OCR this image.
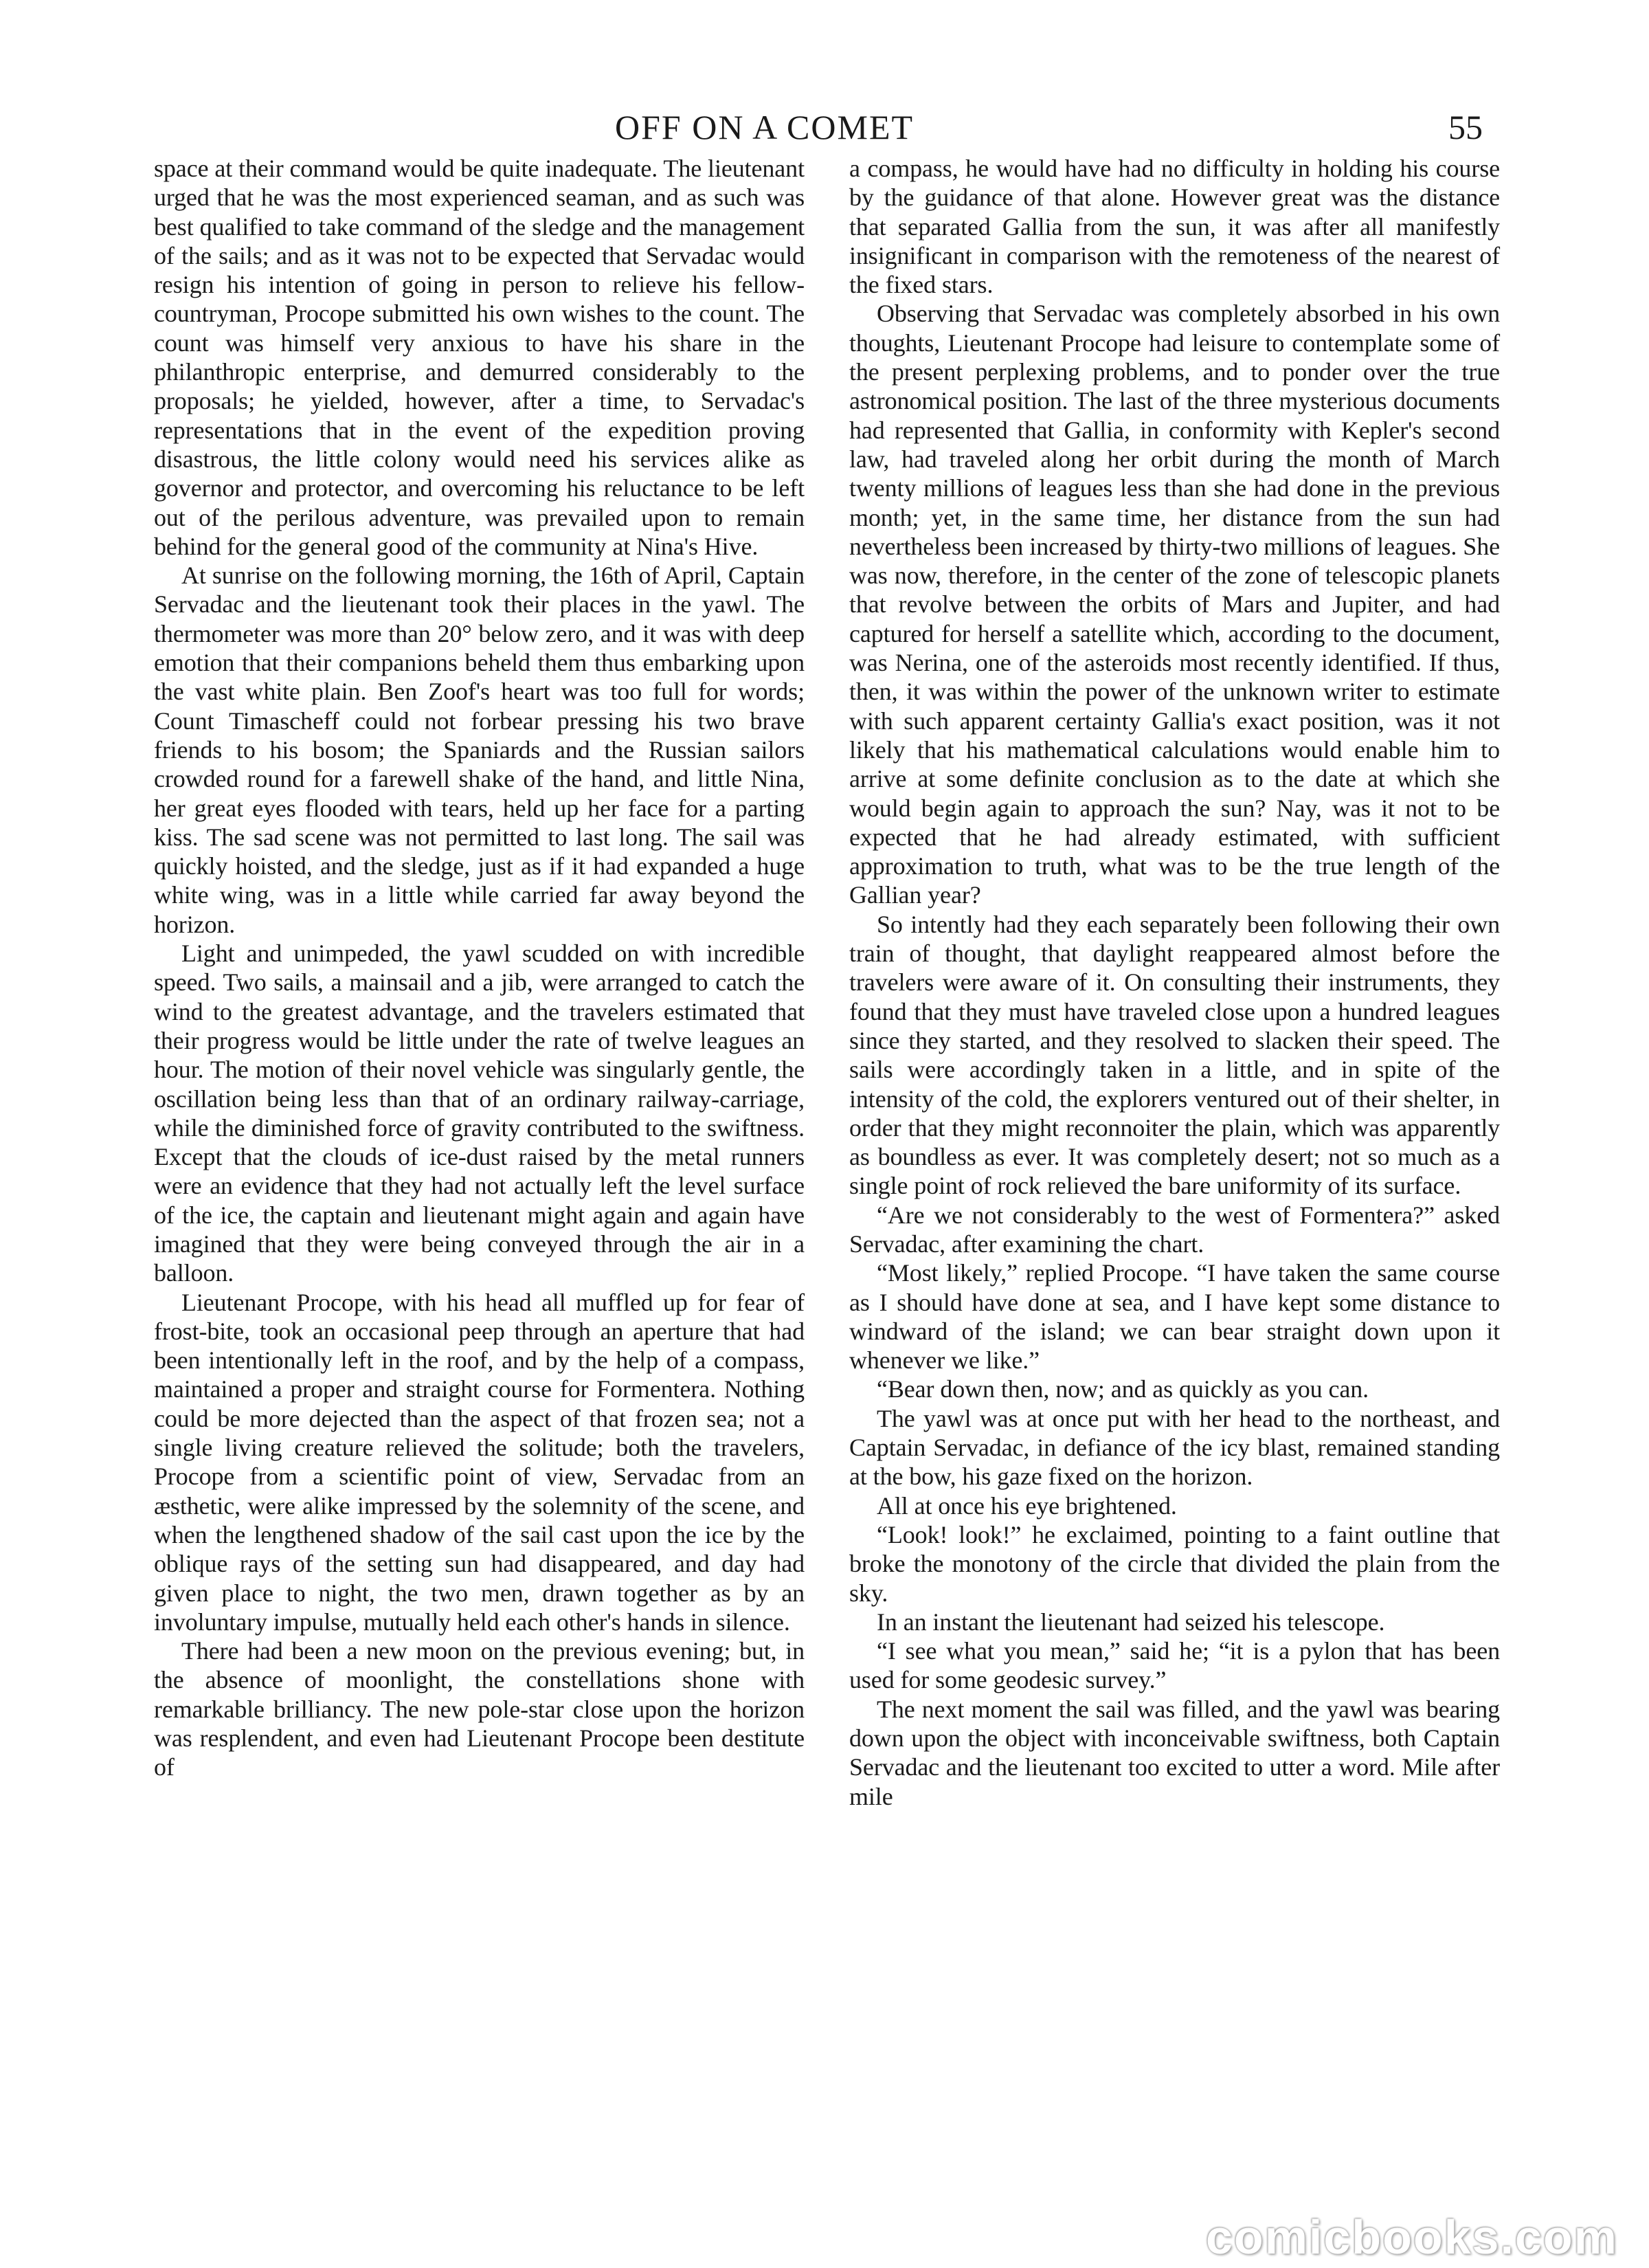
OFF ON A COMET	55

space at their command would be quite inadequate. The lieutenant urged that he was the most experienced seaman, and as such was best qualified to take command of the sledge and the management of the sails; and as it was not to be expected that Servadac would resign his intention of going in person to relieve his fellow-countryman, Procope submitted his own wishes to the count. The count was himself very anxious to have his share in the philanthropic enterprise, and demurred considerably to the proposals; he yielded, however, after a time, to Servadac's representations that in the event of the expedition proving disastrous, the little colony would need his services alike as governor and protector, and overcoming his reluctance to be left out of the perilous adventure, was prevailed upon to remain behind for the general good of the community at Nina's Hive.

At sunrise on the following morning, the 16th of April, Captain Servadac and the lieutenant took their places in the yawl. The thermometer was more than 20° below zero, and it was with deep emotion that their companions beheld them thus embarking upon the vast white plain. Ben Zoof's heart was too full for words; Count Timascheff could not forbear pressing his two brave friends to his bosom; the Spaniards and the Russian sailors crowded round for a farewell shake of the hand, and little Nina, her great eyes flooded with tears, held up her face for a parting kiss. The sad scene was not permitted to last long. The sail was quickly hoisted, and the sledge, just as if it had expanded a huge white wing, was in a little while carried far away beyond the horizon.

Light and unimpeded, the yawl scudded on with incredible speed. Two sails, a mainsail and a jib, were arranged to catch the wind to the greatest advantage, and the travelers estimated that their progress would be little under the rate of twelve leagues an hour. The motion of their novel vehicle was singularly gentle, the oscillation being less than that of an ordinary railway-carriage, while the diminished force of gravity contributed to the swiftness. Except that the clouds of ice-dust raised by the metal runners were an evidence that they had not actually left the level surface of the ice, the captain and lieutenant might again and again have imagined that they were being conveyed through the air in a balloon.

Lieutenant Procope, with his head all muffled up for fear of frost-bite, took an occasional peep through an aperture that had been intentionally left in the roof, and by the help of a compass, maintained a proper and straight course for Formentera. Nothing could be more dejected than the aspect of that frozen sea; not a single living creature relieved the solitude; both the travelers, Procope from a scientific point of view, Servadac from an æsthetic, were alike impressed by the solemnity of the scene, and when the lengthened shadow of the sail cast upon the ice by the oblique rays of the setting sun had disappeared, and day had given place to night, the two men, drawn together as by an involuntary impulse, mutually held each other's hands in silence.

There had been a new moon on the previous evening; but, in the absence of moonlight, the constellations shone with remarkable brilliancy. The new pole-star close upon the horizon was resplendent, and even had Lieutenant Procope been destitute of

a compass, he would have had no difficulty in holding his course by the guidance of that alone. However great was the distance that separated Gallia from the sun, it was after all manifestly insignificant in comparison with the remoteness of the nearest of the fixed stars.

Observing that Servadac was completely absorbed in his own thoughts, Lieutenant Procope had leisure to contemplate some of the present perplexing problems, and to ponder over the true astronomical position. The last of the three mysterious documents had represented that Gallia, in conformity with Kepler's second law, had traveled along her orbit during the month of March twenty millions of leagues less than she had done in the previous month; yet, in the same time, her distance from the sun had nevertheless been increased by thirty-two millions of leagues. She was now, therefore, in the center of the zone of telescopic planets that revolve between the orbits of Mars and Jupiter, and had captured for herself a satellite which, according to the document, was Nerina, one of the asteroids most recently identified. If thus, then, it was within the power of the unknown writer to estimate with such apparent certainty Gallia's exact position, was it not likely that his mathematical calculations would enable him to arrive at some definite conclusion as to the date at which she would begin again to approach the sun? Nay, was it not to be expected that he had already estimated, with sufficient approximation to truth, what was to be the true length of the Gallian year?

So intently had they each separately been following their own train of thought, that daylight reappeared almost before the travelers were aware of it. On consulting their instruments, they found that they must have traveled close upon a hundred leagues since they started, and they resolved to slacken their speed. The sails were accordingly taken in a little, and in spite of the intensity of the cold, the explorers ventured out of their shelter, in order that they might reconnoiter the plain, which was apparently as boundless as ever. It was completely desert; not so much as a single point of rock relieved the bare uniformity of its surface.

“Are we not considerably to the west of Formentera?” asked Servadac, after examining the chart.

“Most likely,” replied Procope. “I have taken the same course as I should have done at sea, and I have kept some distance to windward of the island; we can bear straight down upon it whenever we like.”

“Bear down then, now; and as quickly as you can.

The yawl was at once put with her head to the northeast, and Captain Servadac, in defiance of the icy blast, remained standing at the bow, his gaze fixed on the horizon.

All at once his eye brightened.

“Look! look!” he exclaimed, pointing to a faint outline that broke the monotony of the circle that divided the plain from the sky.

In an instant the lieutenant had seized his telescope.

“I see what you mean,” said he; “it is a pylon that has been used for some geodesic survey.”

The next moment the sail was filled, and the yawl was bearing down upon the object with inconceivable swiftness, both Captain Servadac and the lieutenant too excited to utter a word. Mile after mile

comicbooks.com
